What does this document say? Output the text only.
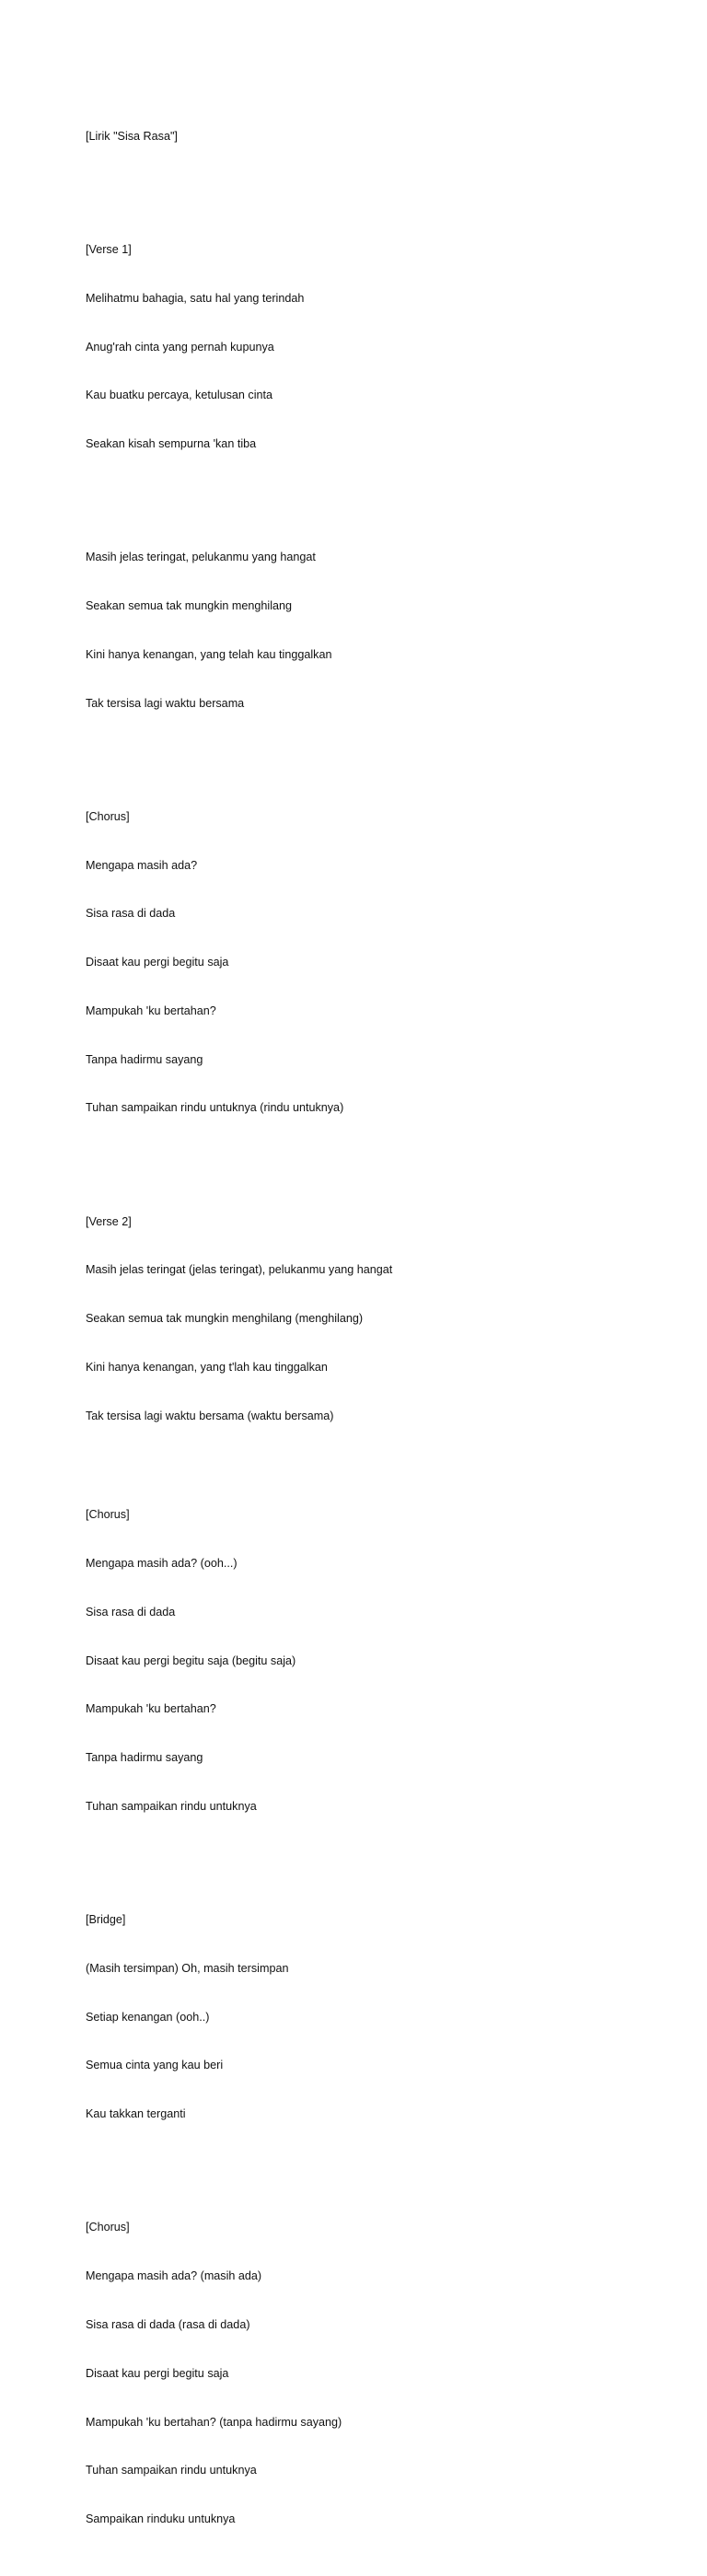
[Lirik "Sisa Rasa"]

[Verse 1]

Melihatmu bahagia, satu hal yang terindah

Anug'rah cinta yang pernah kupunya

Kau buatku percaya, ketulusan cinta

Seakan kisah sempurna 'kan tiba

Masih jelas teringat, pelukanmu yang hangat

Seakan semua tak mungkin menghilang

Kini hanya kenangan, yang telah kau tinggalkan

Tak tersisa lagi waktu bersama

[Chorus]

Mengapa masih ada?

Sisa rasa di dada

Disaat kau pergi begitu saja

Mampukah 'ku bertahan?

Tanpa hadirmu sayang

Tuhan sampaikan rindu untuknya (rindu untuknya)

[Verse 2]

Masih jelas teringat (jelas teringat), pelukanmu yang hangat

Seakan semua tak mungkin menghilang (menghilang)

Kini hanya kenangan, yang t'lah kau tinggalkan

Tak tersisa lagi waktu bersama (waktu bersama)

[Chorus]

Mengapa masih ada? (ooh...)

Sisa rasa di dada

Disaat kau pergi begitu saja (begitu saja)

Mampukah 'ku bertahan?

Tanpa hadirmu sayang

Tuhan sampaikan rindu untuknya

[Bridge]

(Masih tersimpan) Oh, masih tersimpan

Setiap kenangan (ooh..)

Semua cinta yang kau beri

Kau takkan terganti

[Chorus]

Mengapa masih ada? (masih ada)

Sisa rasa di dada (rasa di dada)

Disaat kau pergi begitu saja

Mampukah 'ku bertahan? (tanpa hadirmu sayang)

Tuhan sampaikan rindu untuknya

Sampaikan rinduku untuknya
